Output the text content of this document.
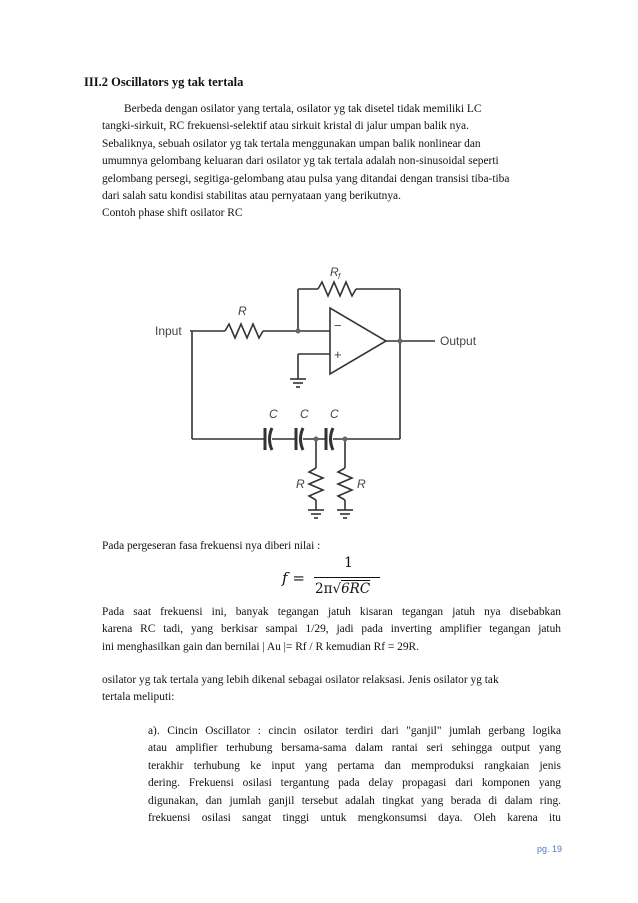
III.2 Oscillators yg tak tertala
Berbeda dengan osilator yang tertala, osilator yg tak disetel tidak memiliki LC
tangki-sirkuit, RC frekuensi-selektif atau sirkuit kristal di jalur umpan balik nya.
Sebaliknya, sebuah osilator yg tak tertala menggunakan umpan balik nonlinear dan
umumnya gelombang keluaran dari osilator yg tak tertala adalah non-sinusoidal seperti
gelombang persegi, segitiga-gelombang atau pulsa yang ditandai dengan transisi tiba-tiba
dari salah satu kondisi stabilitas atau pernyataan yang berikutnya.
Contoh phase shift osilator RC
Input
Output
R f
R
−
+
C C C
R	R
Pada pergeseran fasa frekuensi nya diberi nilai :
f =
1
2π√6RC
Pada saat frekuensi ini, banyak tegangan jatuh kisaran tegangan jatuh nya disebabkan
karena RC tadi, yang berkisar sampai 1/29, jadi pada inverting amplifier tegangan jatuh
ini menghasilkan gain dan bernilai | Au |= Rf / R kemudian Rf = 29R.
osilator yg tak tertala yang lebih dikenal sebagai osilator relaksasi. Jenis osilator yg tak
tertala meliputi:
a). Cincin Oscillator : cincin osilator terdiri dari "ganjil" jumlah gerbang logika
atau amplifier terhubung bersama-sama dalam rantai seri sehingga output yang
terakhir terhubung ke input yang pertama dan memproduksi rangkaian jenis
dering. Frekuensi osilasi tergantung pada delay propagasi dari komponen yang
digunakan, dan jumlah ganjil tersebut adalah tingkat yang berada di dalam ring.
frekuensi osilasi sangat tinggi untuk mengkonsumsi daya. Oleh karena itu
pg. 19
